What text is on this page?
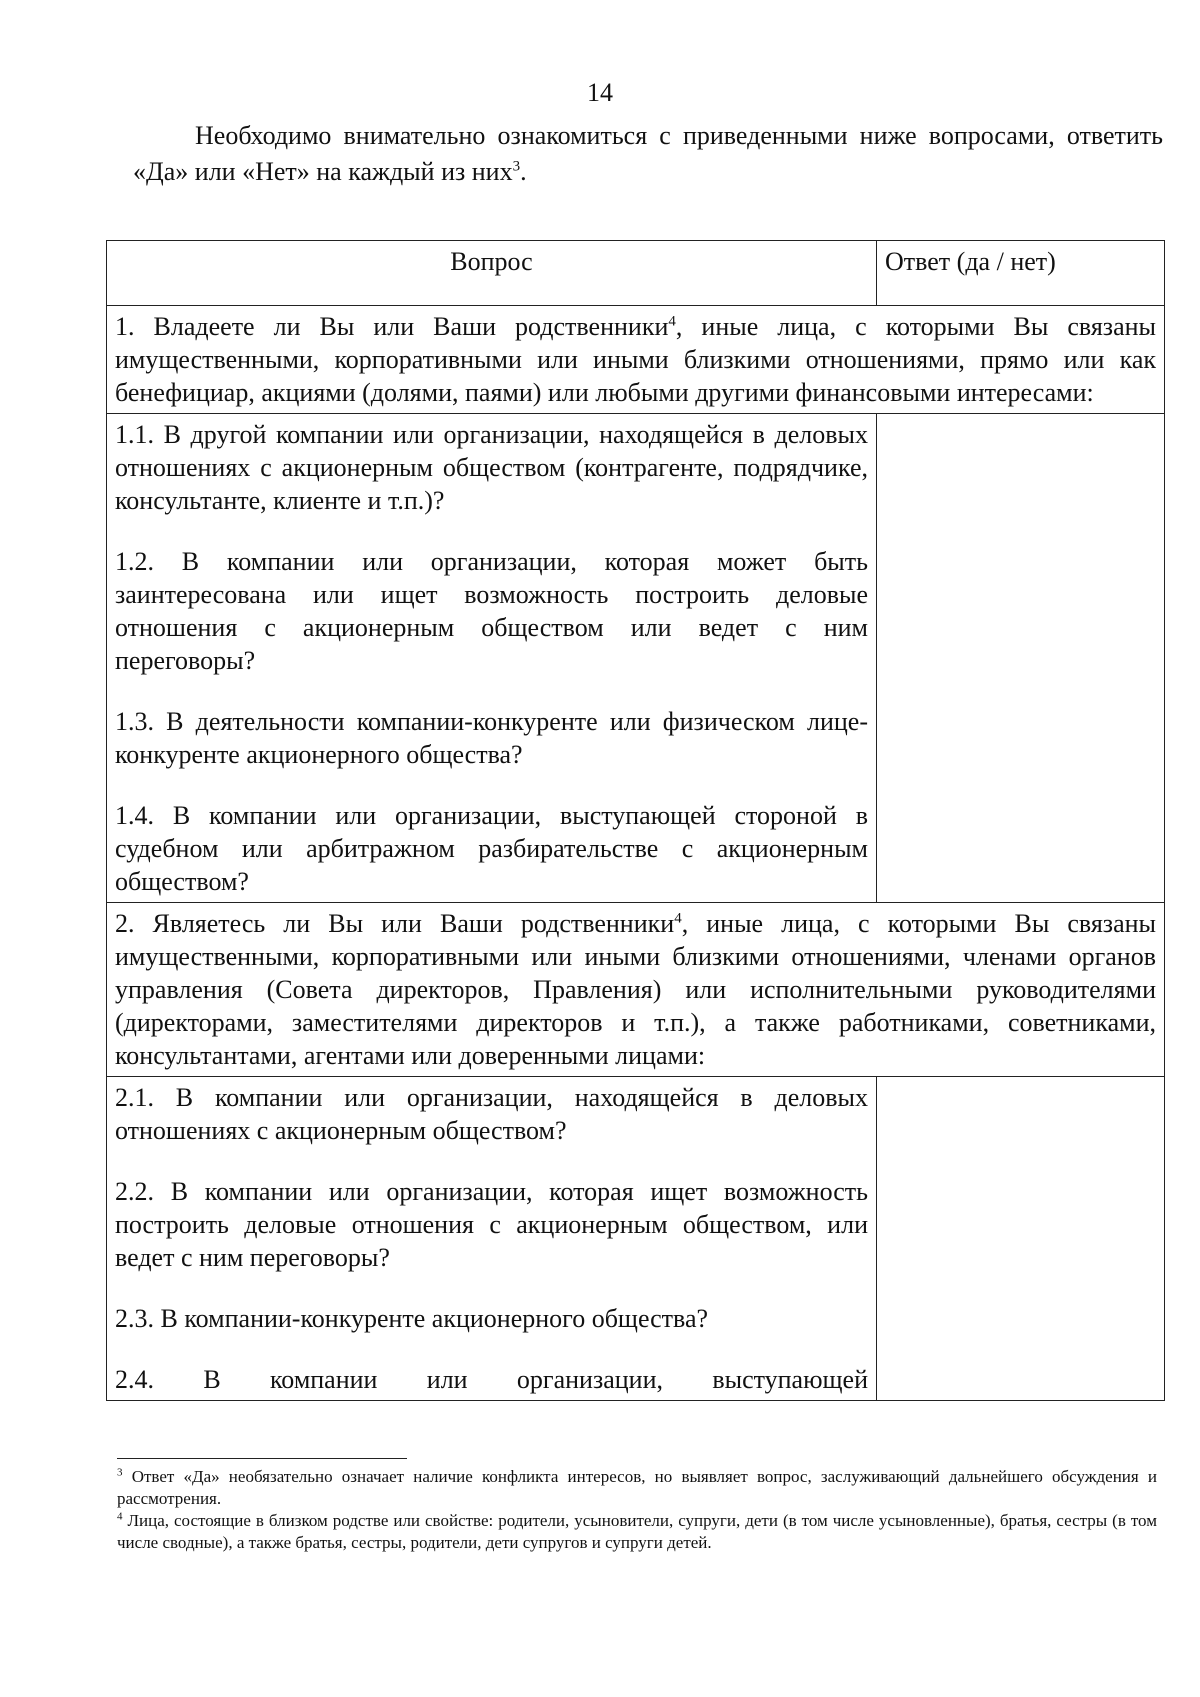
14
Необходимо внимательно ознакомиться с приведенными ниже вопросами, ответить «Да» или «Нет» на каждый из них$^3$.
Вопрос	Ответ (да / нет)
1. Владеете ли Вы или Ваши родственники$^4$, иные лица, с которыми Вы связаны имущественными, корпоративными или иными близкими отношениями, прямо или как бенефициар, акциями (долями, паями) или любыми другими финансовыми интересами:	

1.1. В другой компании или организации, находящейся в деловых отношениях с акционерным обществом (контрагенте, подрядчике, консультанте, клиенте и т.п.)?

1.2. В компании или организации, которая может быть заинтересована или ищет возможность построить деловые отношения с акционерным обществом или ведет с ним переговоры?

1.3. В деятельности компании-конкуренте или физическом лице-конкуренте акционерного общества?

1.4. В компании или организации, выступающей стороной в судебном или арбитражном разбирательстве с акционерным обществом?	

2. Являетесь ли Вы или Ваши родственники$^4$, иные лица, с которыми Вы связаны имущественными, корпоративными или иными близкими отношениями, членами органов управления (Совета директоров, Правления) или исполнительными руководителями (директорами, заместителями директоров и т.п.), а также работниками, советниками, консультантами, агентами или доверенными лицами:	

2.1. В компании или организации, находящейся в деловых отношениях с акционерным обществом?

2.2. В компании или организации, которая ищет возможность построить деловые отношения с акционерным обществом, или ведет с ним переговоры?

2.3. В компании-конкуренте акционерного общества?

2.4. В компании или организации, выступающей	

$^3$ Ответ «Да» необязательно означает наличие конфликта интересов, но выявляет вопрос, заслуживающий дальнейшего обсуждения и рассмотрения.

$^4$ Лица, состоящие в близком родстве или свойстве: родители, усыновители, супруги, дети (в том числе усыновленные), братья, сестры (в том числе сводные), а также братья, сестры, родители, дети супругов и супруги детей.
